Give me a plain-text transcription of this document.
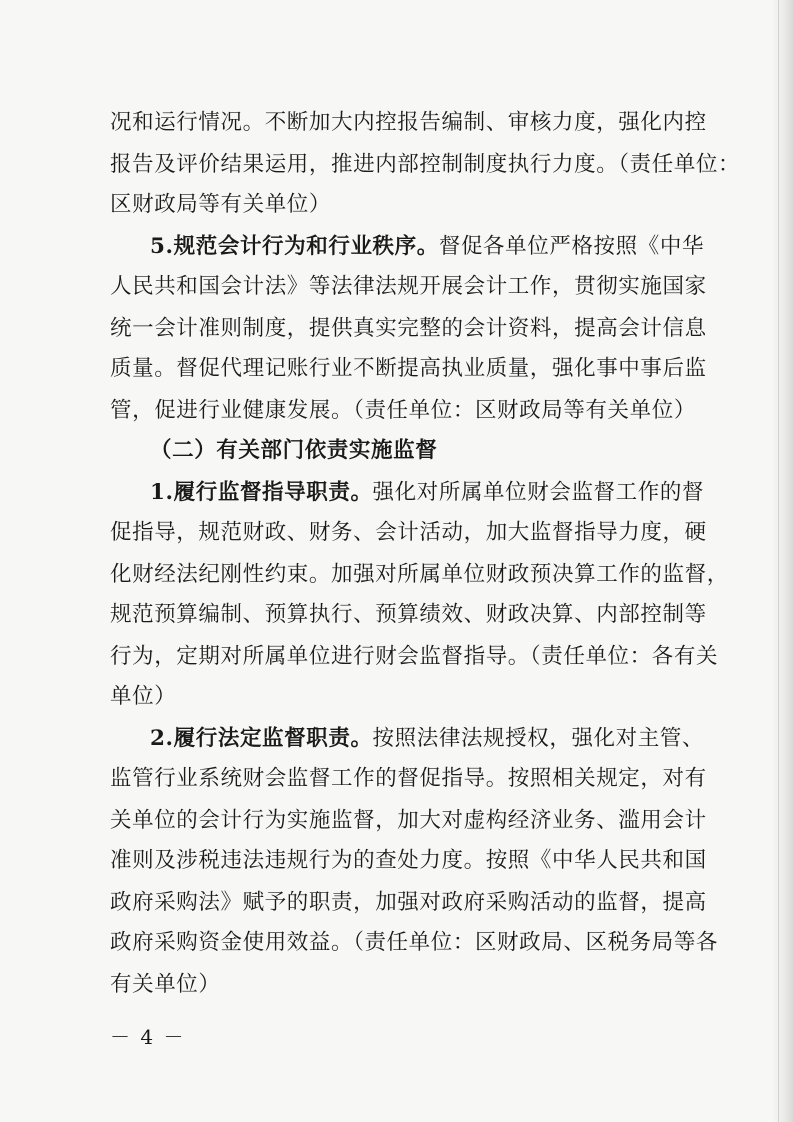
况和运行情况。不断加大内控报告编制、审核力度，强化内控
报告及评价结果运用，推进内部控制制度执行力度。（责任单位：
区财政局等有关单位）
5.规范会计行为和行业秩序。督促各单位严格按照《中华
人民共和国会计法》等法律法规开展会计工作，贯彻实施国家
统一会计准则制度，提供真实完整的会计资料，提高会计信息
质量。督促代理记账行业不断提高执业质量，强化事中事后监
管，促进行业健康发展。（责任单位：区财政局等有关单位）
（二）有关部门依责实施监督
1.履行监督指导职责。强化对所属单位财会监督工作的督
促指导，规范财政、财务、会计活动，加大监督指导力度，硬
化财经法纪刚性约束。加强对所属单位财政预决算工作的监督，
规范预算编制、预算执行、预算绩效、财政决算、内部控制等
行为，定期对所属单位进行财会监督指导。（责任单位：各有关
单位）
2.履行法定监督职责。按照法律法规授权，强化对主管、
监管行业系统财会监督工作的督促指导。按照相关规定，对有
关单位的会计行为实施监督，加大对虚构经济业务、滥用会计
准则及涉税违法违规行为的查处力度。按照《中华人民共和国
政府采购法》赋予的职责，加强对政府采购活动的监督，提高
政府采购资金使用效益。（责任单位：区财政局、区税务局等各
有关单位）
－ 4 －
